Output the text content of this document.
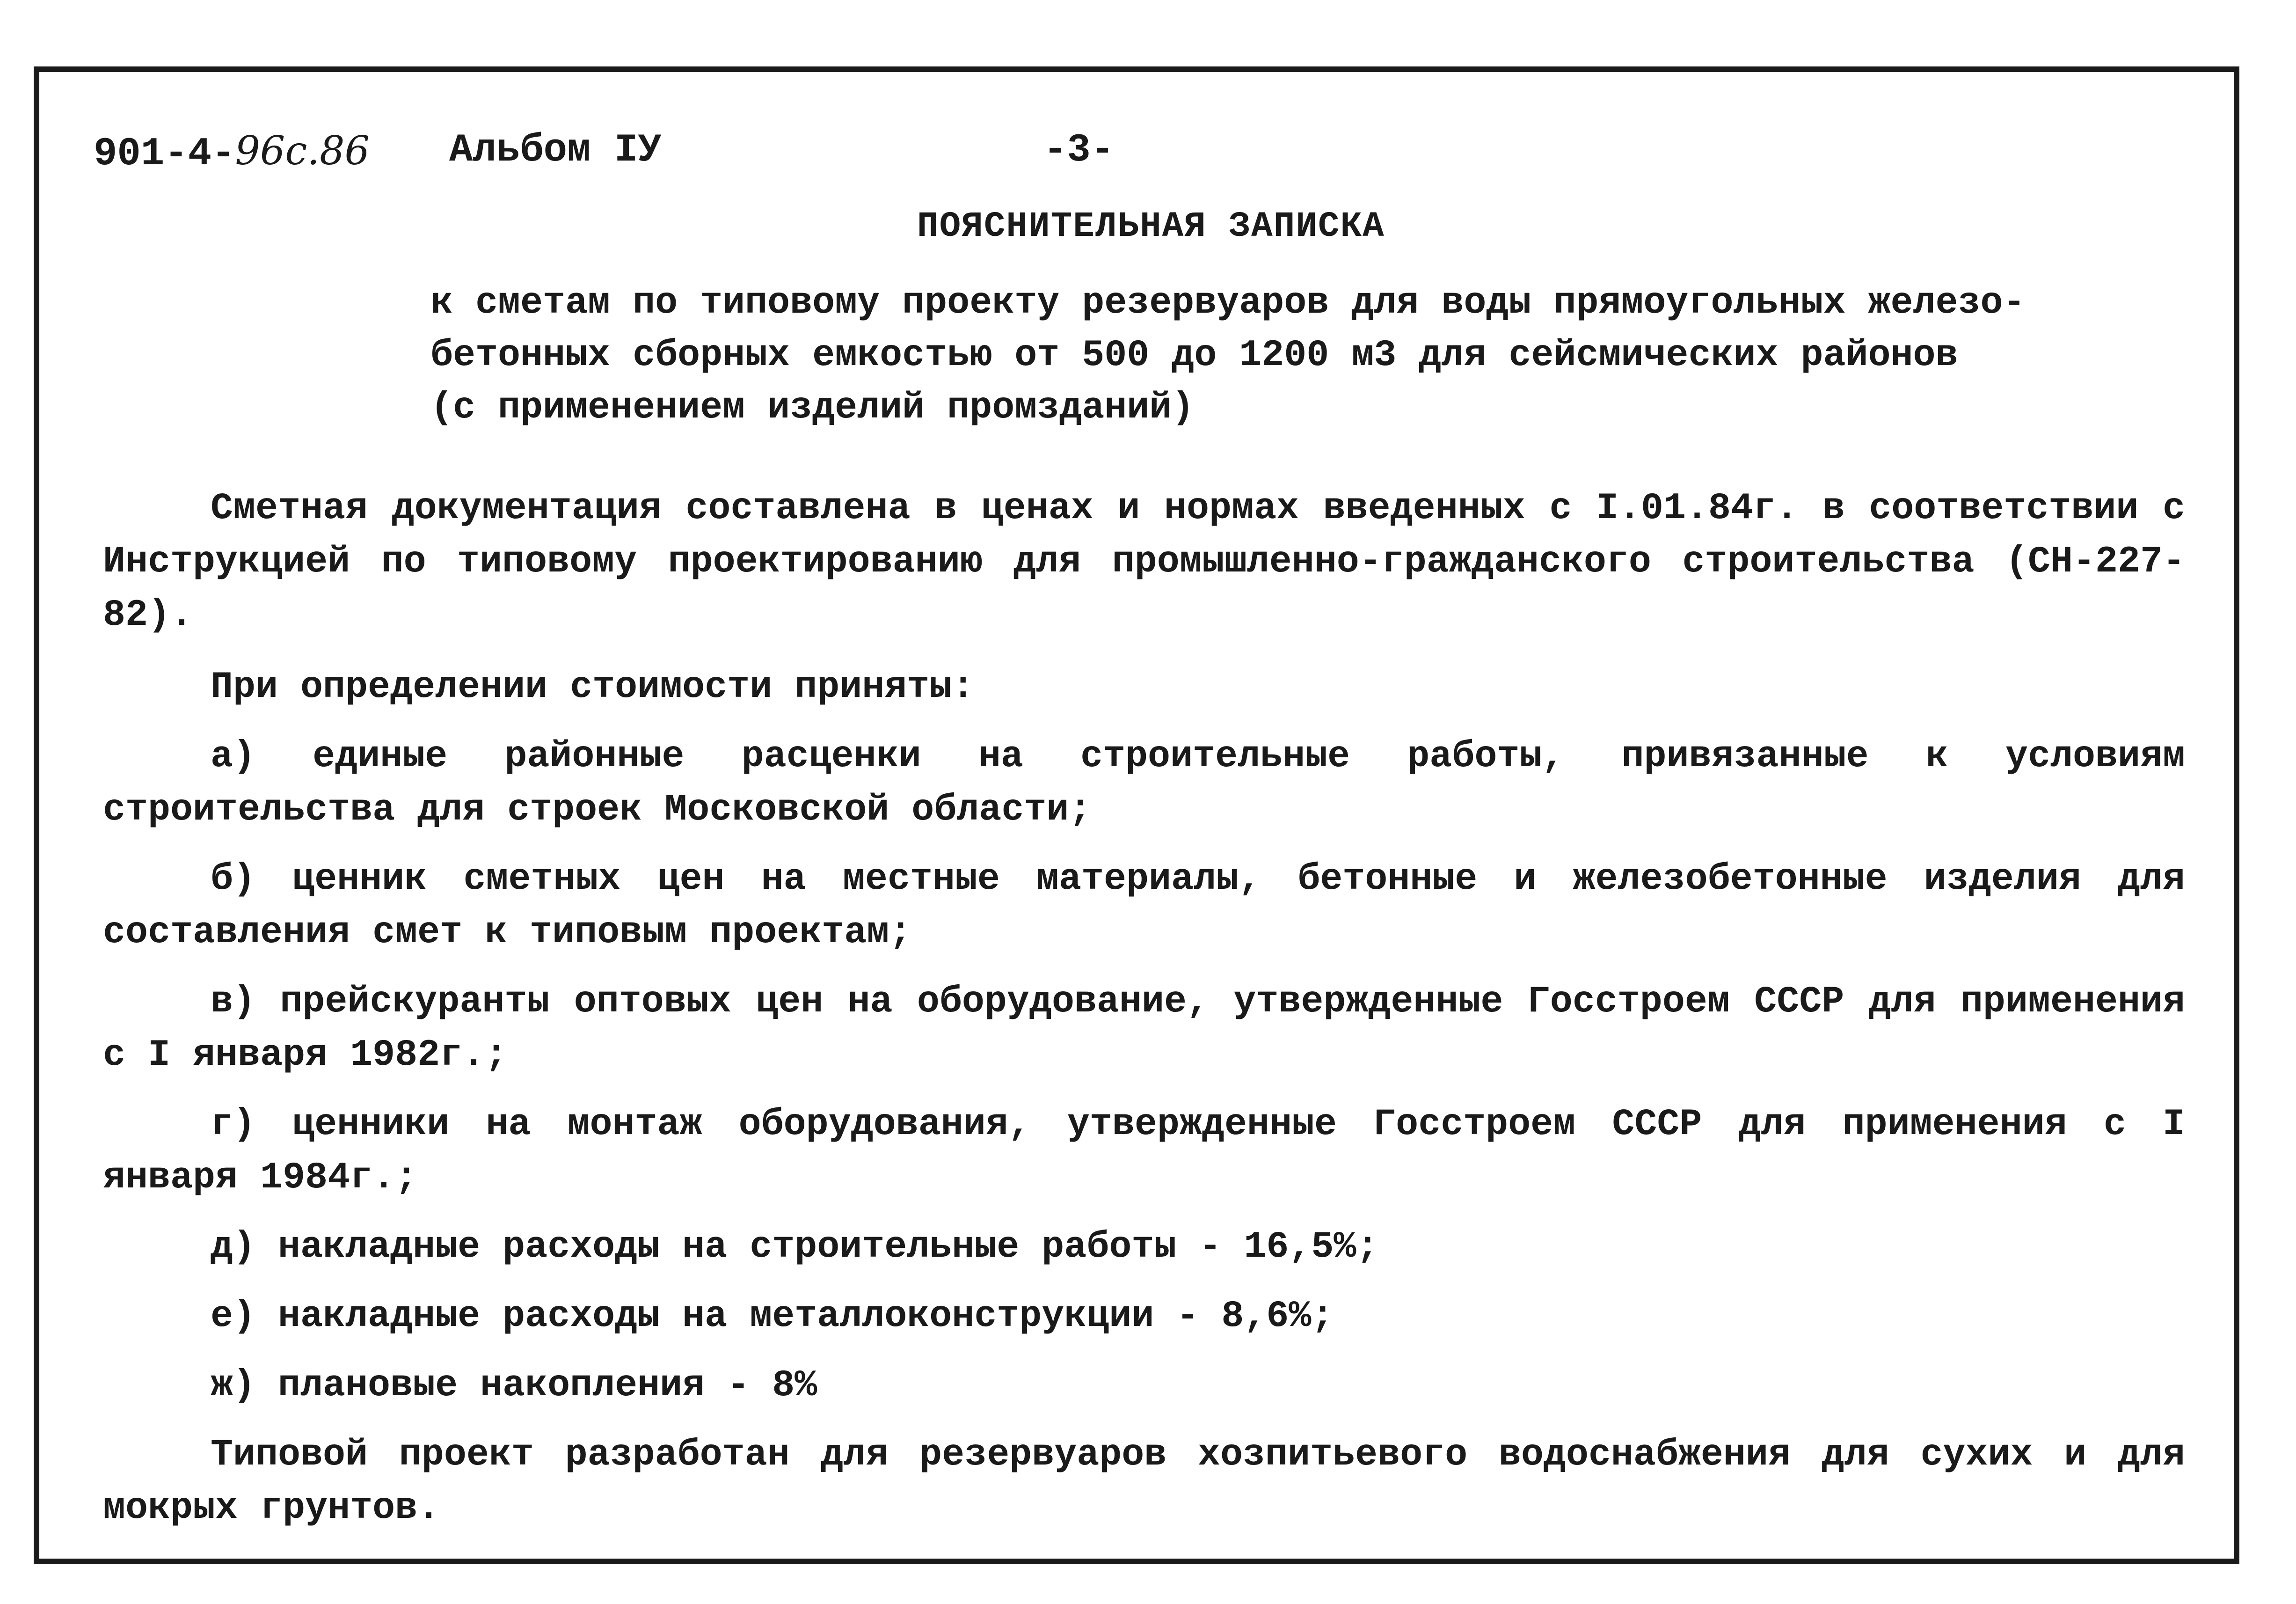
901-4-96с.86 Альбом IУ	-3-
ПОЯСНИТЕЛЬНАЯ ЗАПИСКА
к сметам по типовому проекту резервуаров для воды прямоугольных железо-
бетонных сборных емкостью от 500 до 1200 м3 для сейсмических районов
(с применением изделий промзданий)

Сметная документация составлена в ценах и нормах введенных с I.01.84г. в соответствии с Инструкцией по типовому проектированию для промышленно-гражданского строительства (СН-227-82).

При определении стоимости приняты:

а) единые районные расценки на строительные работы, привязанные к условиям строительства для строек Московской области;

б) ценник сметных цен на местные материалы, бетонные и железобетонные изделия для составления смет к типовым проектам;

в) прейскуранты оптовых цен на оборудование, утвержденные Госстроем СССР для применения с I января 1982г.;

г) ценники на монтаж оборудования, утвержденные Госстроем СССР для применения с I января 1984г.;

д) накладные расходы на строительные работы - 16,5%;

е) накладные расходы на металлоконструкции - 8,6%;

ж) плановые накопления - 8%

Типовой проект разработан для резервуаров хозпитьевого водоснабжения для сухих и для мокрых грунтов.
